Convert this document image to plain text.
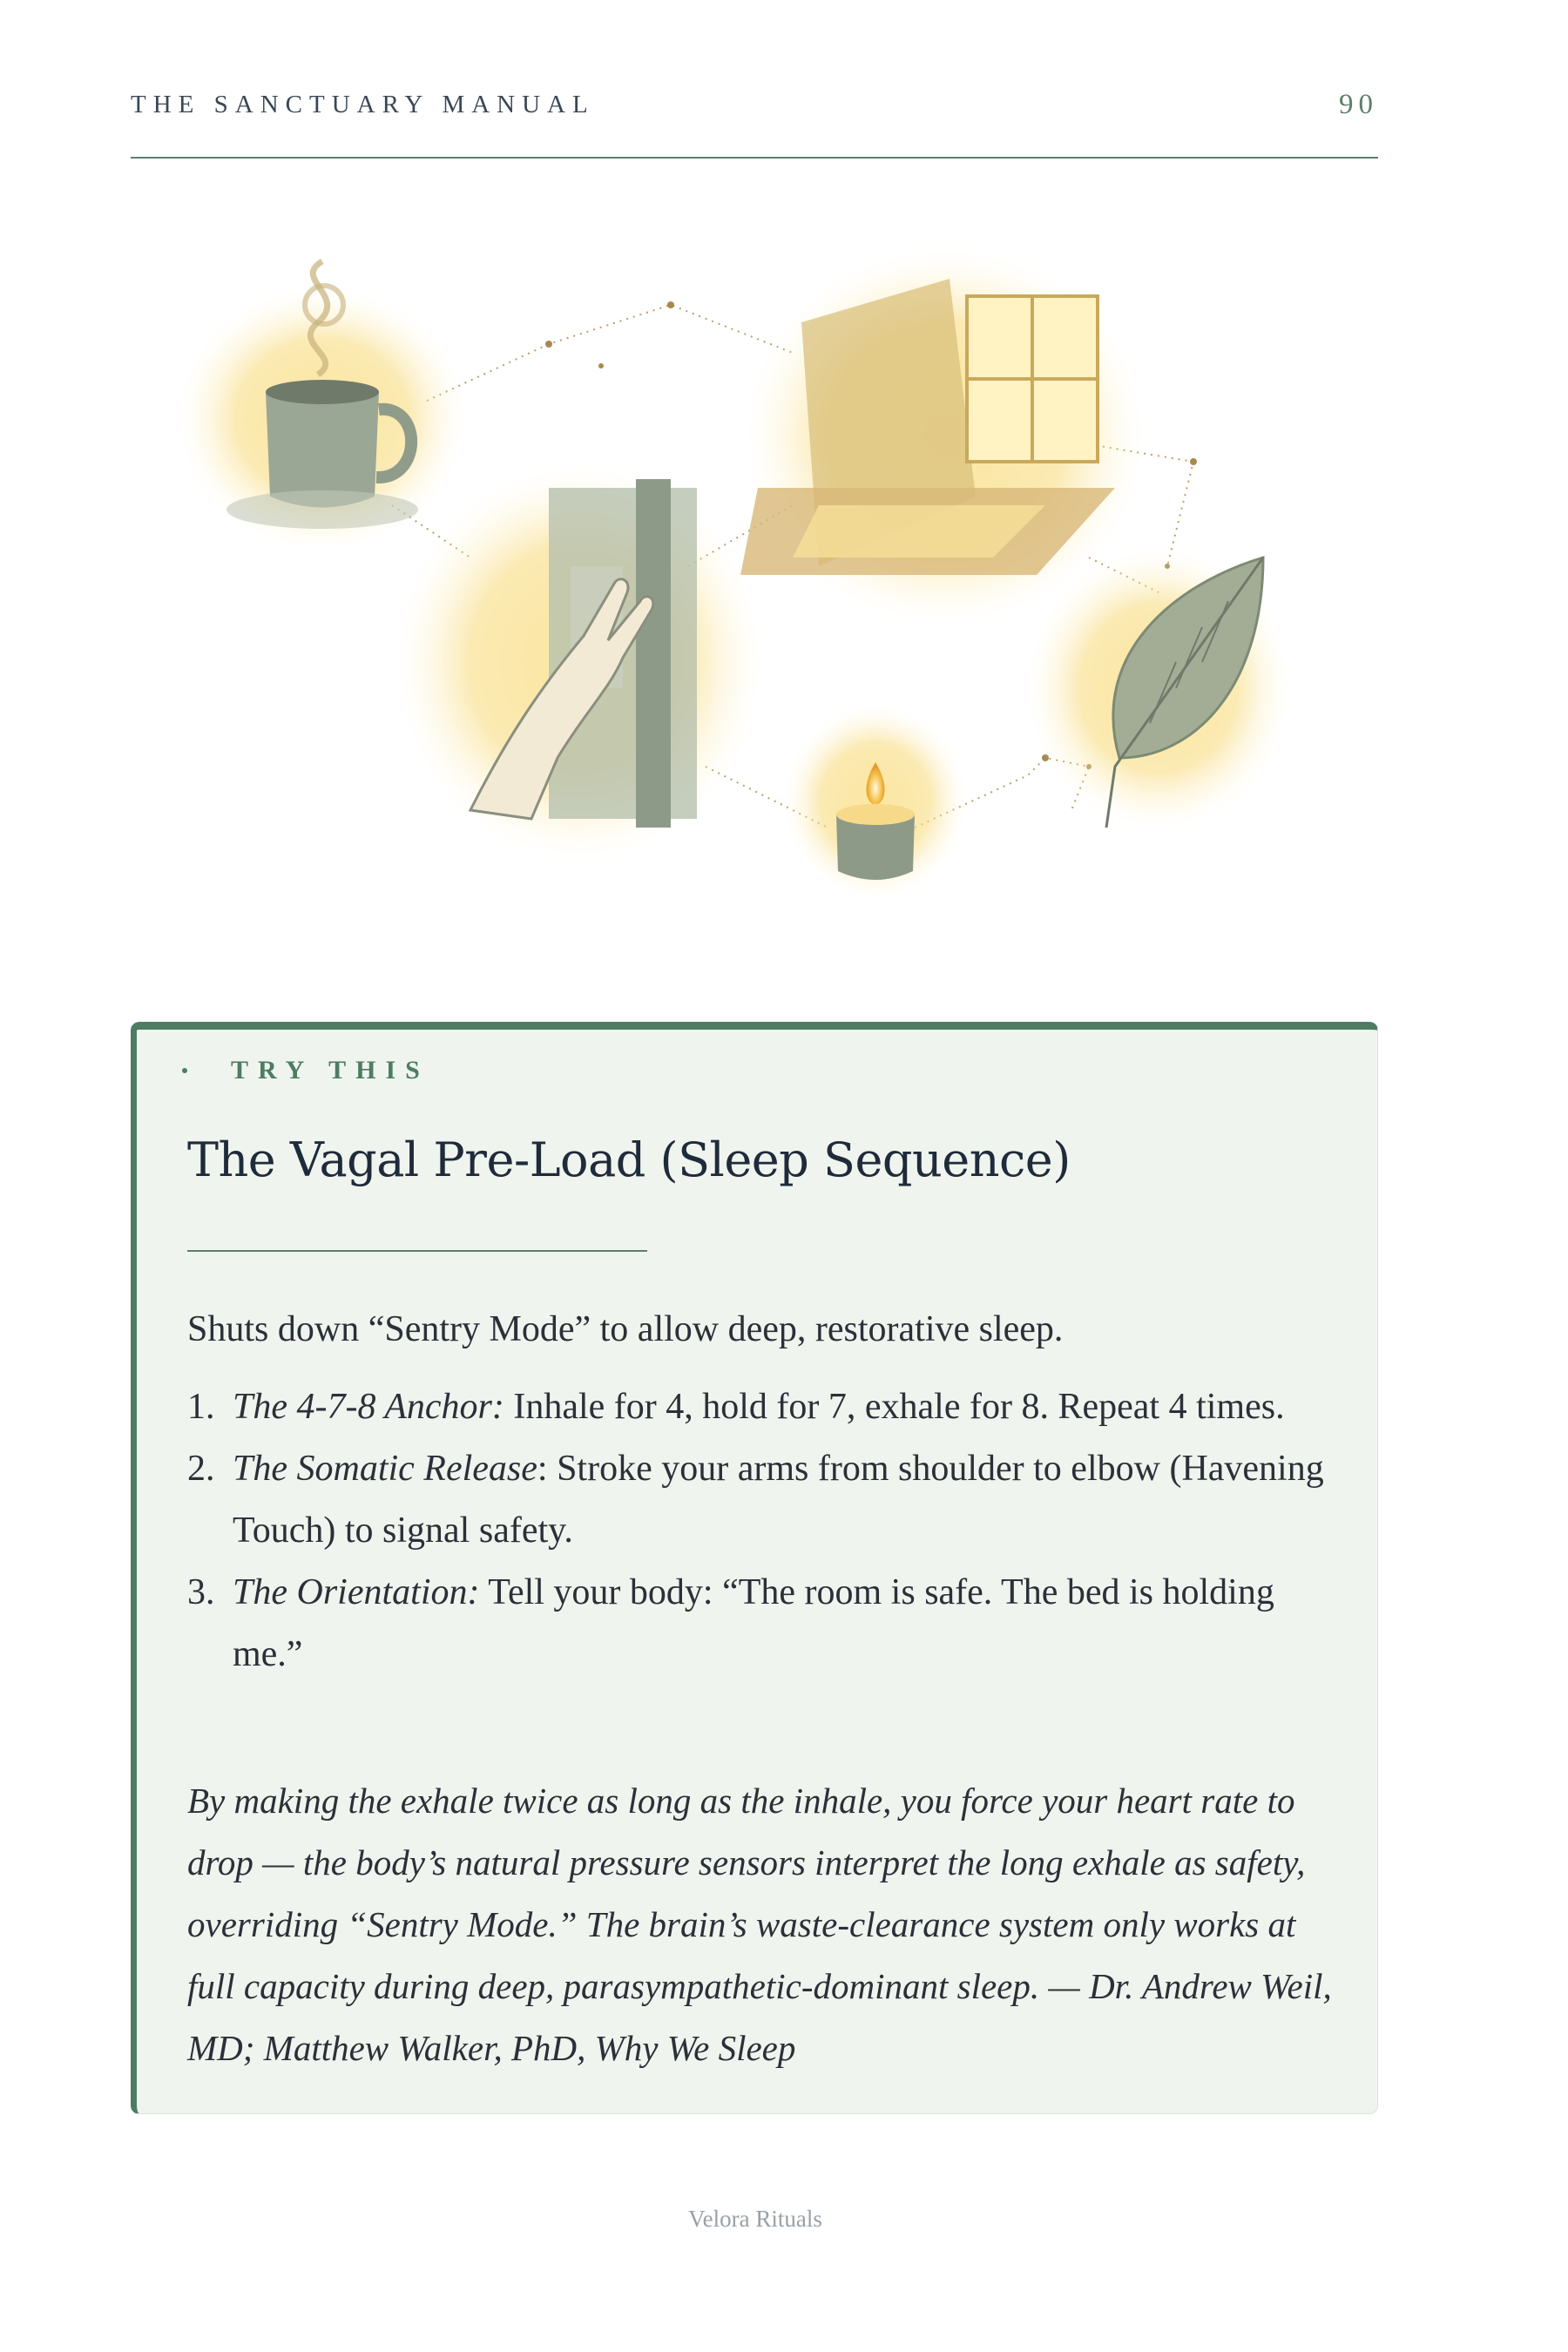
THE SANCTUARY MANUAL	90
TRY THIS
The Vagal Pre-Load (Sleep Sequence)
Shuts down “Sentry Mode” to allow deep, restorative sleep.
1. The 4-7-8 Anchor: Inhale for 4, hold for 7, exhale for 8. Repeat 4 times.
2. The Somatic Release: Stroke your arms from shoulder to elbow (Havening Touch) to signal safety.
3. The Orientation: Tell your body: “The room is safe. The bed is holding me.”

By making the exhale twice as long as the inhale, you force your heart rate to drop — the body’s natural pressure sensors interpret the long exhale as safety, overriding “Sentry Mode.” The brain’s waste-clearance system only works at full capacity during deep, parasympathetic-dominant sleep. — Dr. Andrew Weil, MD; Matthew Walker, PhD, Why We Sleep

Velora Rituals
